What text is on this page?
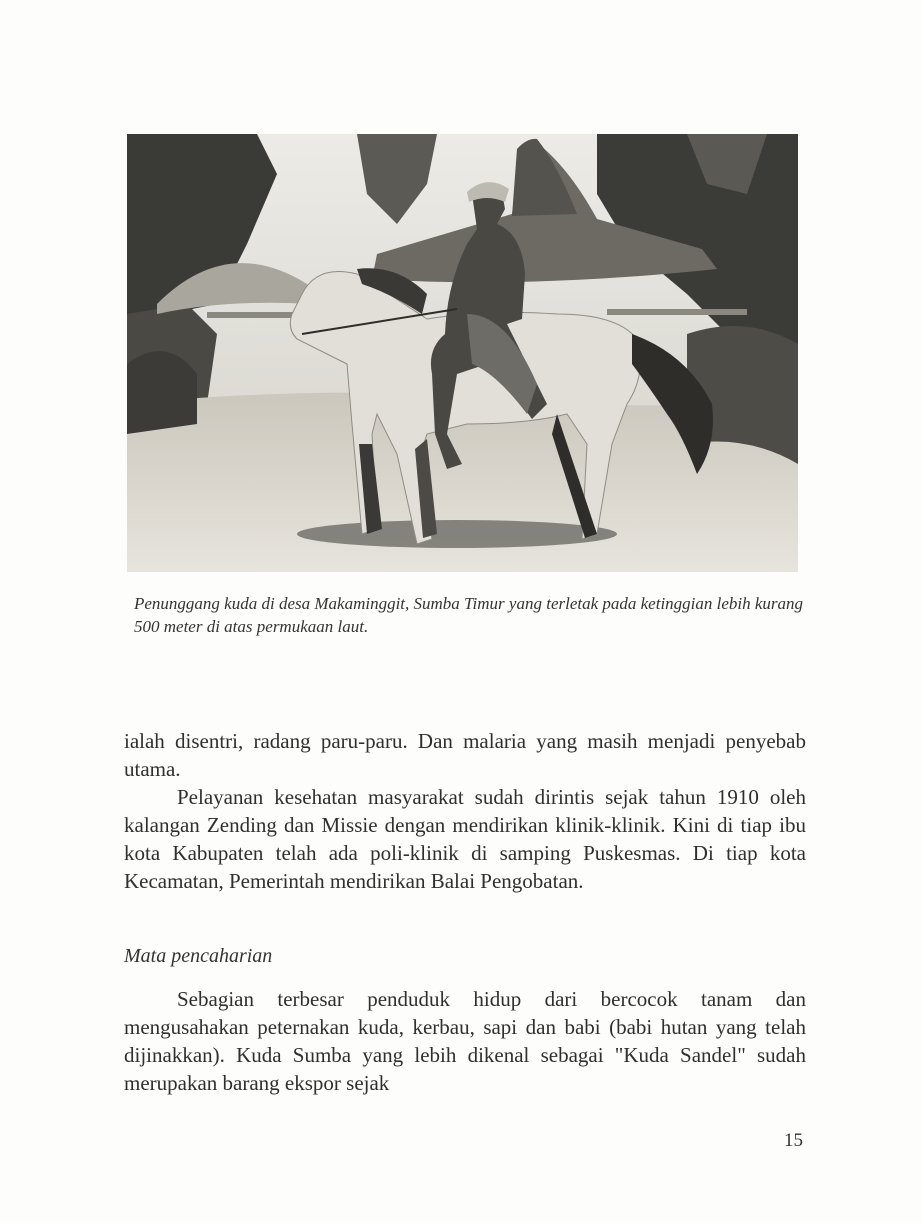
Penunggang kuda di desa Makaminggit, Sumba Timur yang terletak pada ketinggian lebih kurang 500 meter di atas permukaan laut.

ialah disentri, radang paru-paru. Dan malaria yang masih menjadi penyebab utama.

Pelayanan kesehatan masyarakat sudah dirintis sejak tahun 1910 oleh kalangan Zending dan Missie dengan mendirikan klinik-klinik. Kini di tiap ibu kota Kabupaten telah ada poli-klinik di samping Puskesmas. Di tiap kota Kecamatan, Pemerintah mendirikan Balai Pengobatan.

Mata pencaharian

Sebagian terbesar penduduk hidup dari bercocok tanam dan mengusahakan peternakan kuda, kerbau, sapi dan babi (babi hutan yang telah dijinakkan). Kuda Sumba yang lebih dikenal sebagai "Kuda Sandel" sudah merupakan barang ekspor sejak

15
